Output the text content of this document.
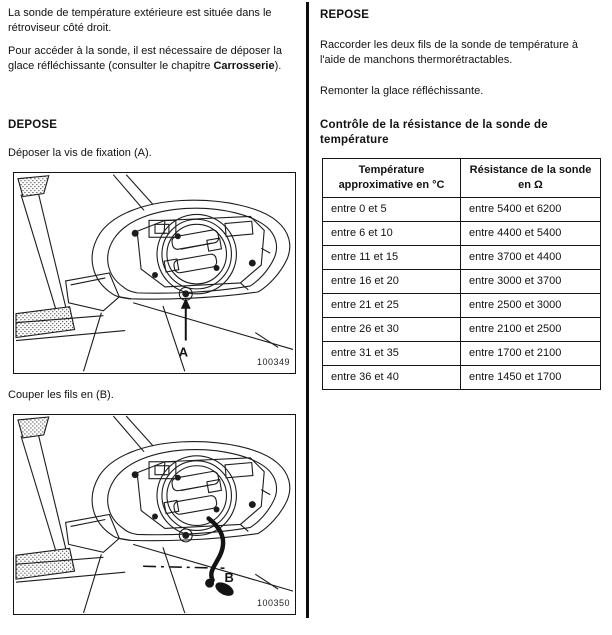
La sonde de température extérieure est située dans le rétroviseur côté droit.
Pour accéder à la sonde, il est nécessaire de déposer la glace réfléchissante (consulter le chapitre Carrosserie).
DEPOSE
Déposer la vis de fixation (A).
A
100349
Couper les fils en (B).
B
100350
REPOSE
Raccorder les deux fils de la sonde de température à l'aide de manchons thermorétractables.
Remonter la glace réfléchissante.
Contrôle de la résistance de la sonde de température
Température approximative en °C	Résistance de la sonde en Ω
entre 0 et 5	entre 5400 et 6200
entre 6 et 10	entre 4400 et 5400
entre 11 et 15	entre 3700 et 4400
entre 16 et 20	entre 3000 et 3700
entre 21 et 25	entre 2500 et 3000
entre 26 et 30	entre 2100 et 2500
entre 31 et 35	entre 1700 et 2100
entre 36 et 40	entre 1450 et 1700
